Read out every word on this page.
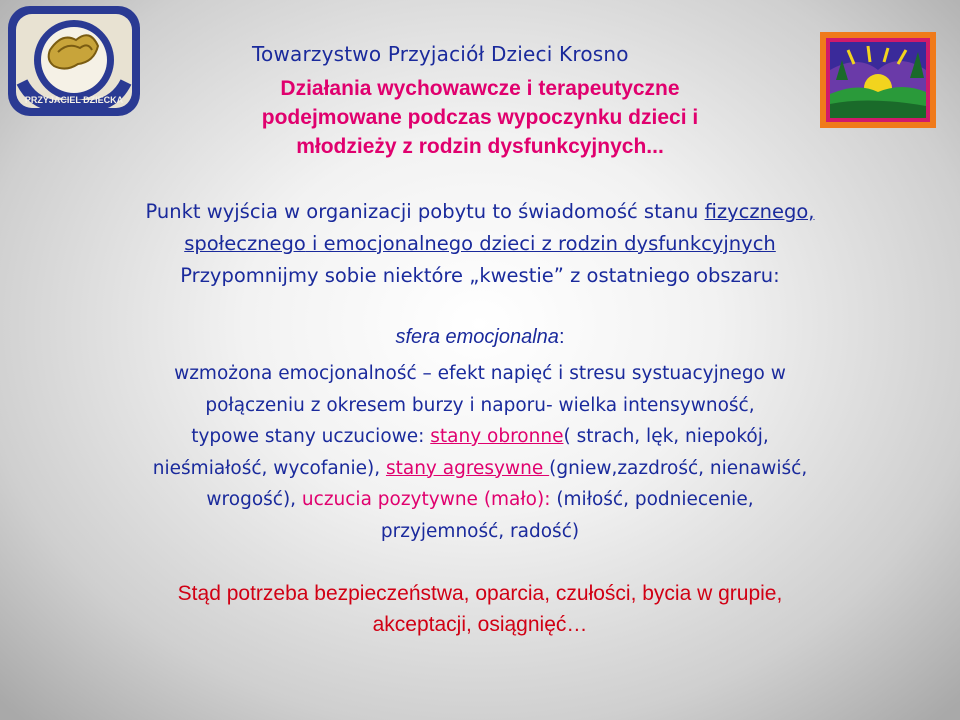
PRZYJACIEL DZIECKA
Towarzystwo Przyjaciół Dzieci Krosno
Działania wychowawcze i terapeutyczne
podejmowane podczas wypoczynku dzieci i
młodzieży z rodzin dysfunkcyjnych...
Punkt wyjścia w organizacji pobytu to świadomość stanu fizycznego,
społecznego i emocjonalnego dzieci z rodzin dysfunkcyjnych
Przypomnijmy sobie niektóre „kwestie” z ostatniego obszaru:
sfera emocjonalna:
wzmożona emocjonalność – efekt napięć i stresu systuacyjnego w
połączeniu z okresem burzy i naporu- wielka intensywność,
typowe stany uczuciowe: stany obronne( strach, lęk, niepokój,
nieśmiałość, wycofanie), stany agresywne (gniew,zazdrość, nienawiść,
wrogość), uczucia pozytywne (mało): (miłość, podniecenie,
przyjemność, radość)
Stąd potrzeba bezpieczeństwa, oparcia, czułości, bycia w grupie,
akceptacji, osiągnięć…
